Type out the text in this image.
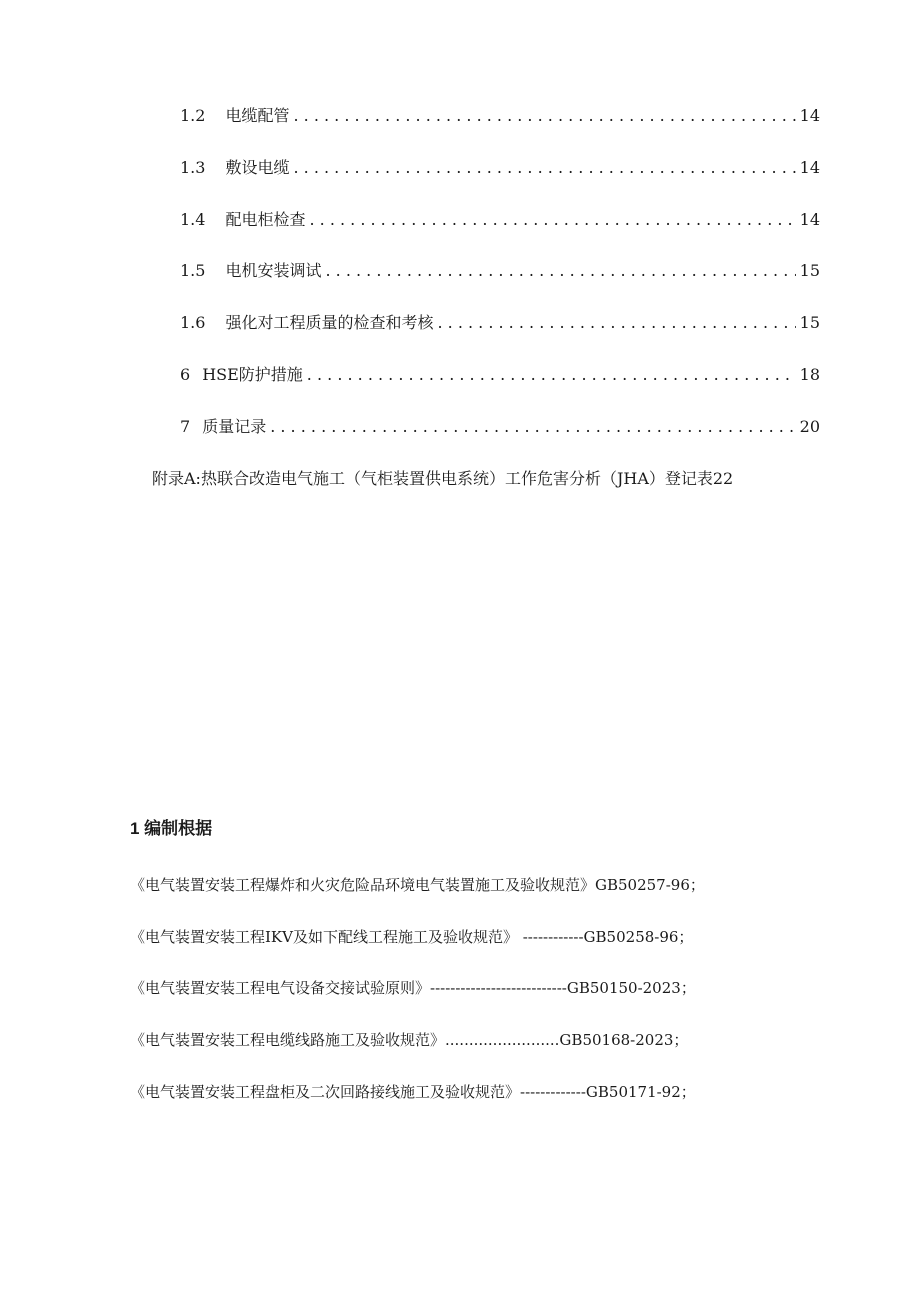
1.2 电缆配管 . . .	14
1.3 敷设电缆 . . .	14
1.4 配电柜检查 . . .	14
1.5 电机安装调试 . . .	15
1.6 强化对工程质量的检查和考核 . . .	15
6 HSE防护措施 . . .	18
7 质量记录 . . .	20
附录A:热联合改造电气施工（气柜装置供电系统）工作危害分析（JHA）登记表22
1 编制根据
《电气装置安装工程爆炸和火灾危险品环境电气装置施工及验收规范》GB50257-96；
《电气装置安装工程IKV及如下配线工程施工及验收规范》 ------------GB50258-96；
《电气装置安装工程电气设备交接试验原则》---------------------------GB50150-2023；
《电气装置安装工程电缆线路施工及验收规范》........................GB50168-2023；
《电气装置安装工程盘柜及二次回路接线施工及验收规范》-------------GB50171-92；
